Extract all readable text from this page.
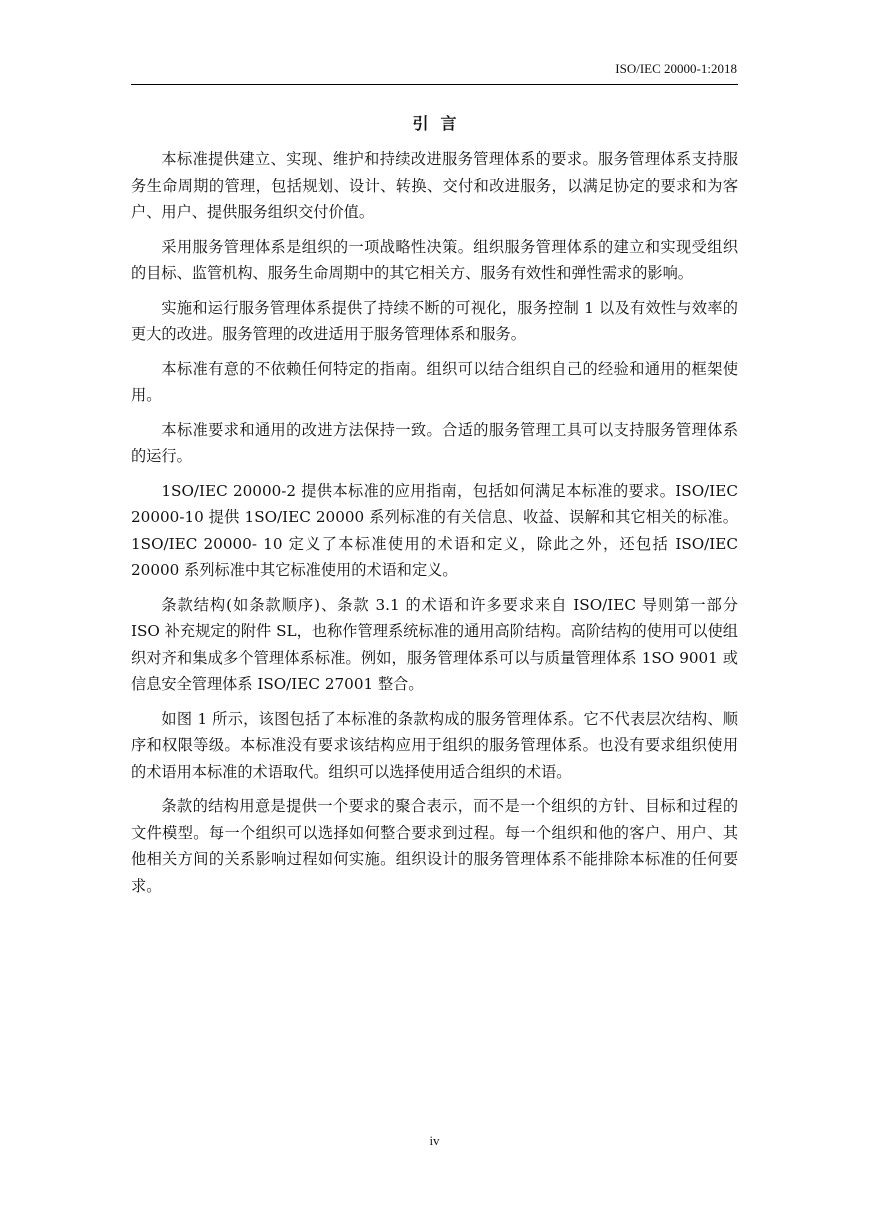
ISO/IEC 20000-1:2018
引言

本标准提供建立、实现、维护和持续改进服务管理体系的要求。服务管理体系支持服务生命周期的管理，包括规划、设计、转换、交付和改进服务，以满足协定的要求和为客户、用户、提供服务组织交付价值。

采用服务管理体系是组织的一项战略性决策。组织服务管理体系的建立和实现受组织的目标、监管机构、服务生命周期中的其它相关方、服务有效性和弹性需求的影响。

实施和运行服务管理体系提供了持续不断的可视化，服务控制 1 以及有效性与效率的更大的改进。服务管理的改进适用于服务管理体系和服务。

本标准有意的不依赖任何特定的指南。组织可以结合组织自己的经验和通用的框架使用。

本标准要求和通用的改进方法保持一致。合适的服务管理工具可以支持服务管理体系的运行。

1SO/IEC 20000-2 提供本标准的应用指南，包括如何满足本标准的要求。ISO/IEC 20000-10 提供 1SO/IEC 20000 系列标准的有关信息、收益、误解和其它相关的标准。1SO/IEC 20000- 10 定义了本标准使用的术语和定义，除此之外，还包括 ISO/IEC 20000 系列标准中其它标准使用的术语和定义。

条款结构(如条款顺序)、条款 3.1 的术语和许多要求来自 ISO/IEC 导则第一部分 ISO 补充规定的附件 SL，也称作管理系统标准的通用高阶结构。高阶结构的使用可以使组织对齐和集成多个管理体系标准。例如，服务管理体系可以与质量管理体系 1SO 9001 或信息安全管理体系 ISO/IEC 27001 整合。

如图 1 所示，该图包括了本标准的条款构成的服务管理体系。它不代表层次结构、顺序和权限等级。本标准没有要求该结构应用于组织的服务管理体系。也没有要求组织使用的术语用本标准的术语取代。组织可以选择使用适合组织的术语。

条款的结构用意是提供一个要求的聚合表示，而不是一个组织的方针、目标和过程的文件模型。每一个组织可以选择如何整合要求到过程。每一个组织和他的客户、用户、其他相关方间的关系影响过程如何实施。组织设计的服务管理体系不能排除本标准的任何要求。

iv
